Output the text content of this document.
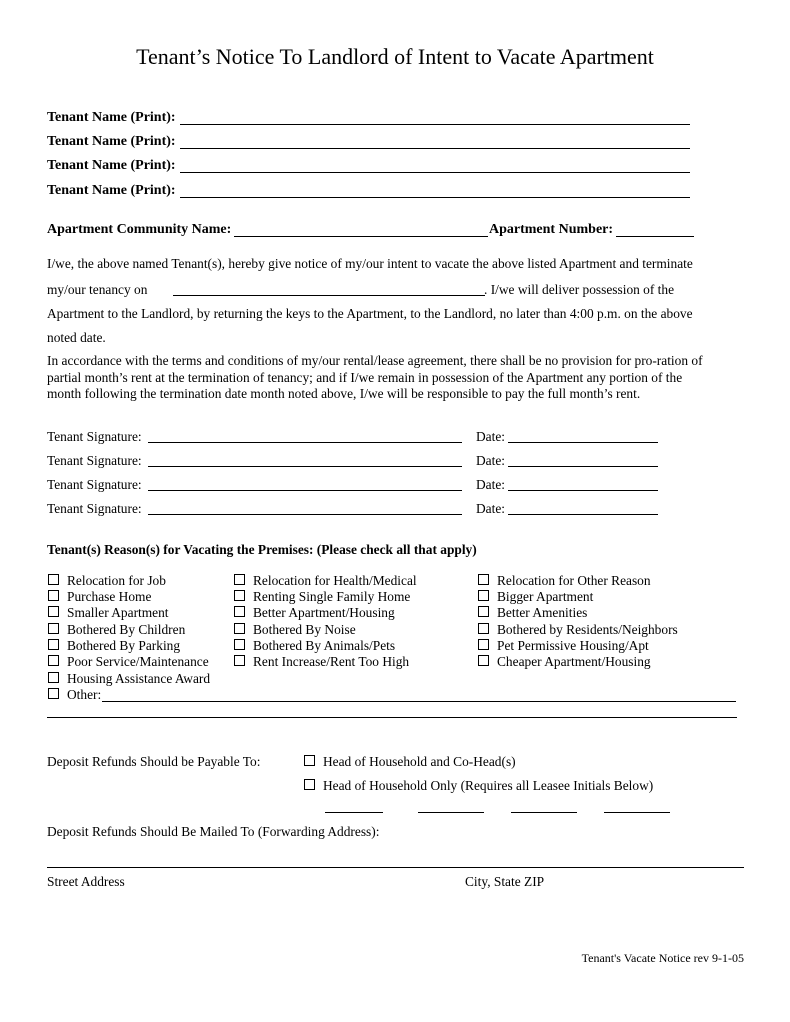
Tenant’s Notice To Landlord of Intent to Vacate Apartment
Tenant Name (Print):
Tenant Name (Print):
Tenant Name (Print):
Tenant Name (Print):
Apartment Community Name:	Apartment Number:
I/we, the above named Tenant(s), hereby give notice of my/our intent to vacate the above listed Apartment and terminate
my/our tenancy on	. I/we will deliver possession of the
Apartment to the Landlord, by returning the keys to the Apartment, to the Landlord, no later than 4:00 p.m. on the above
noted date.
In accordance with the terms and conditions of my/our rental/lease agreement, there shall be no provision for pro-ration of
partial month’s rent at the termination of tenancy; and if I/we remain in possession of the Apartment any portion of the
month following the termination date month noted above, I/we will be responsible to pay the full month’s rent.
Tenant Signature:	Date:
Tenant Signature:	Date:
Tenant Signature:	Date:
Tenant Signature:	Date:
Tenant(s) Reason(s) for Vacating the Premises: (Please check all that apply)
Relocation for Job
Purchase Home
Smaller Apartment
Bothered By Children
Bothered By Parking
Poor Service/Maintenance
Housing Assistance Award
Other:
Relocation for Health/Medical
Renting Single Family Home
Better Apartment/Housing
Bothered By Noise
Bothered By Animals/Pets
Rent Increase/Rent Too High
Relocation for Other Reason
Bigger Apartment
Better Amenities
Bothered by Residents/Neighbors
Pet Permissive Housing/Apt
Cheaper Apartment/Housing
Deposit Refunds Should be Payable To:	Head of Household and Co-Head(s)
Head of Household Only (Requires all Leasee Initials Below)
Deposit Refunds Should Be Mailed To (Forwarding Address):
Street Address	City, State ZIP
Tenant's Vacate Notice rev 9-1-05
